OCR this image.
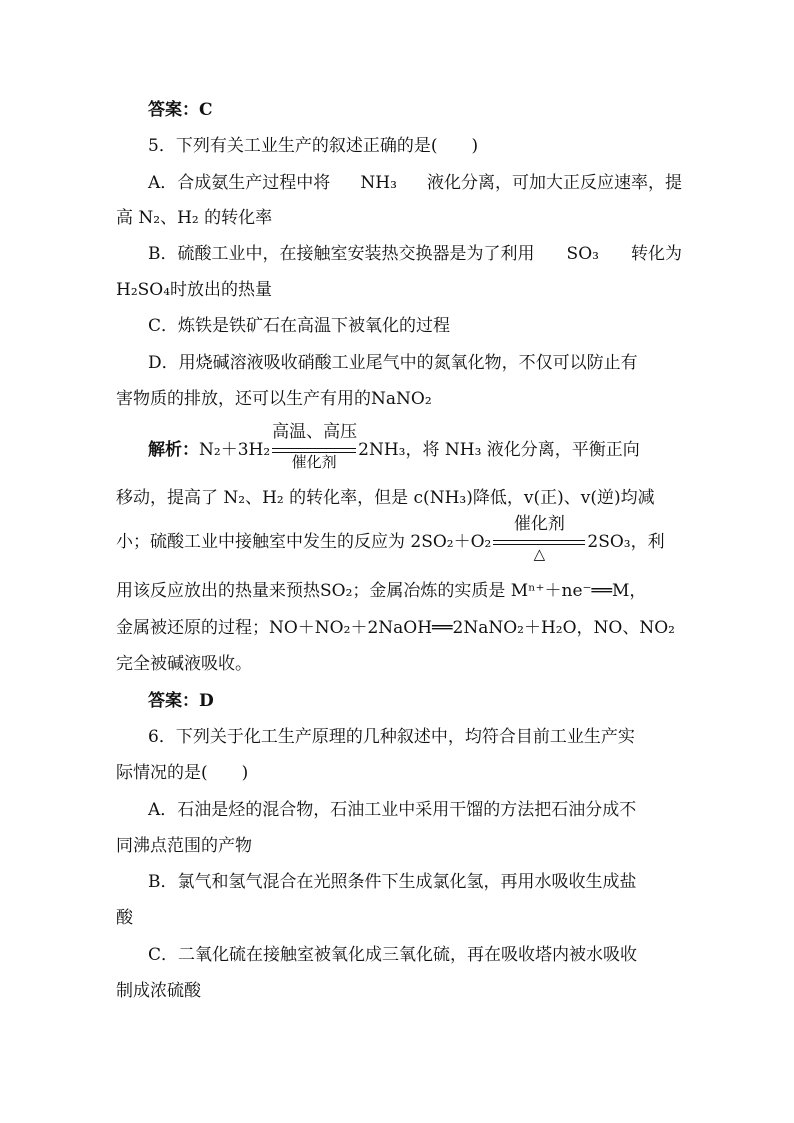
答案：C
5．下列有关工业生产的叙述正确的是(　　)
A．合成氨生产过程中将 NH₃ 液化分离，可加大正反应速率，提
高 N₂、H₂ 的转化率
B．硫酸工业中，在接触室安装热交换器是为了利用 SO₃ 转化为
H₂SO₄时放出的热量
C．炼铁是铁矿石在高温下被氧化的过程
D．用烧碱溶液吸收硝酸工业尾气中的氮氧化物，不仅可以防止有
害物质的排放，还可以生产有用的NaNO₂
解析：N₂＋3H₂
高温、高压
催化剂
2NH₃，将 NH₃ 液化分离，平衡正向
移动，提高了 N₂、H₂ 的转化率，但是 c(NH₃)降低，v(正)、v(逆)均减
小；硫酸工业中接触室中发生的反应为 2SO₂＋O₂
催化剂
△
2SO₃，利
用该反应放出的热量来预热SO₂；金属冶炼的实质是 Mⁿ⁺＋ne⁻══M，
金属被还原的过程；NO＋NO₂＋2NaOH══2NaNO₂＋H₂O，NO、NO₂
完全被碱液吸收。
答案：D
6．下列关于化工生产原理的几种叙述中，均符合目前工业生产实
际情况的是(　　)
A．石油是烃的混合物，石油工业中采用干馏的方法把石油分成不
同沸点范围的产物
B．氯气和氢气混合在光照条件下生成氯化氢，再用水吸收生成盐
酸
C．二氧化硫在接触室被氧化成三氧化硫，再在吸收塔内被水吸收
制成浓硫酸
